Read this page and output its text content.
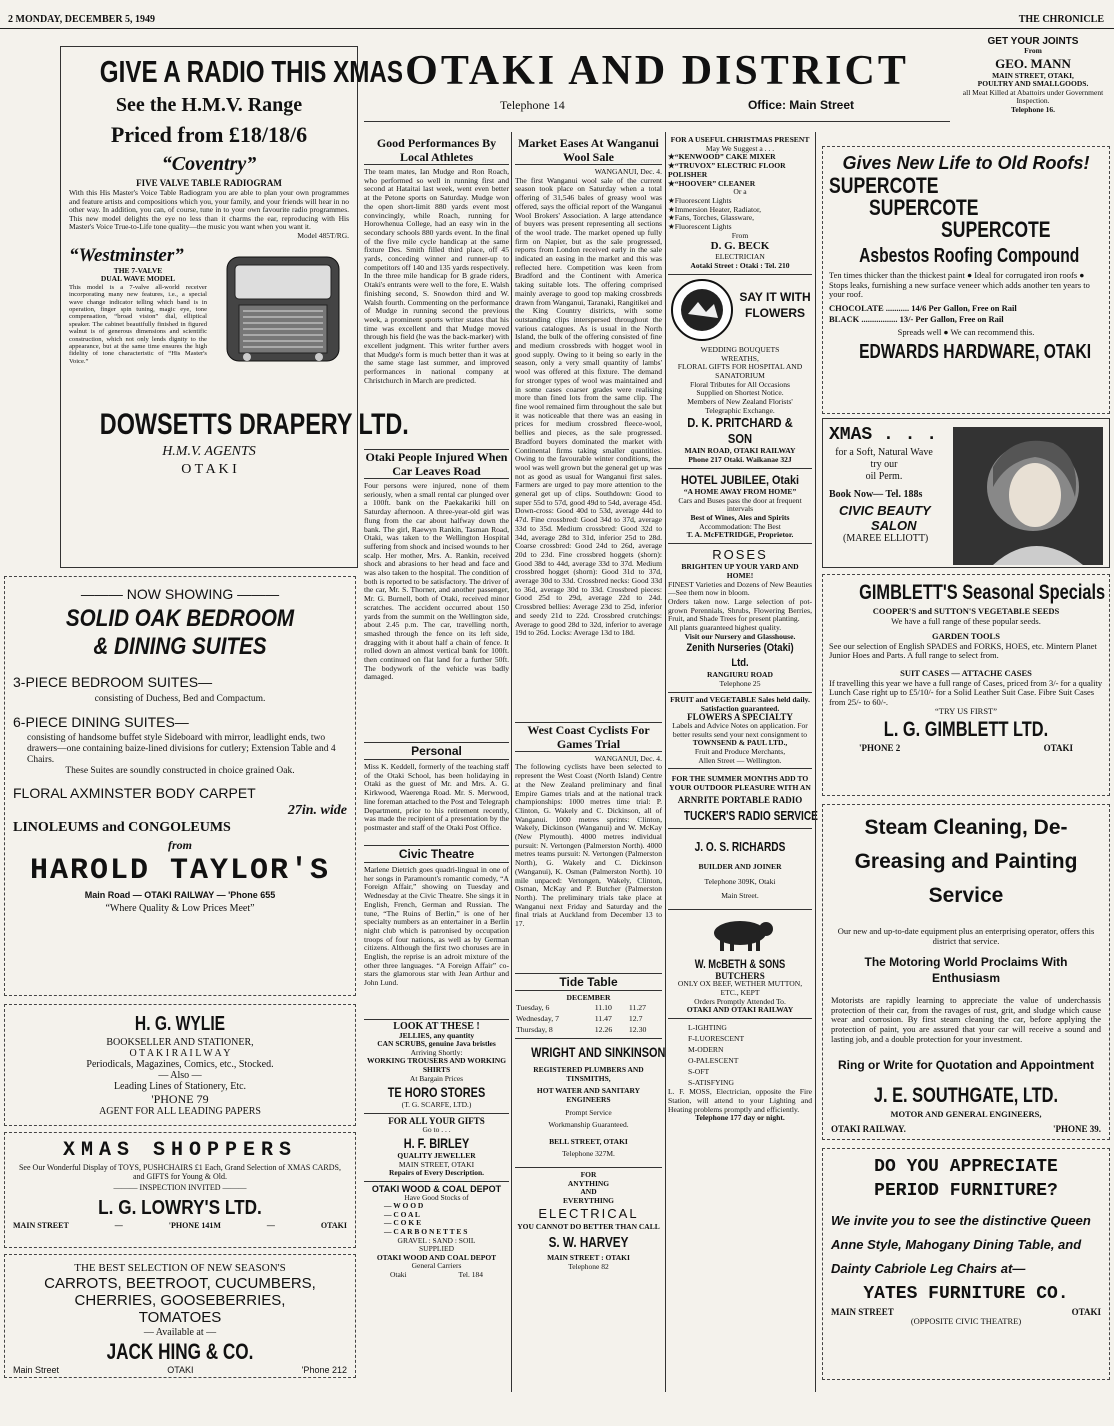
2 MONDAY, DECEMBER 5, 1949	THE CHRONICLE
GIVE A RADIO THIS XMAS
See the H.M.V. Range
Priced from £18/18/6
“Coventry”
FIVE VALVE TABLE RADIOGRAM
With this His Master's Voice Table Radiogram you are able to plan your own programmes and feature artists and compositions which you, your family, and your friends will hear in no other way. In addition, you can, of course, tune in to your own favourite radio programmes. This new model delights the eye no less than it charms the ear, reproducing with His Master's Voice True-to-Life tone quality—the music you want when you want it.
Model 485T/RG.
“Westminster”
THE 7-VALVE
DUAL WAVE MODEL
This model is a 7-valve all-world receiver incorporating many new features, i.e., a special wave change indicator telling which band is in operation, finger spin tuning, magic eye, tone compensation, “broad vision” dial, elliptical speaker. The cabinet beautifully finished in figured walnut is of generous dimensions and scientific construction, which not only lends dignity to the appearance, but at the same time ensures the high fidelity of tone characteristic of “His Master's Voice.”
DOWSETTS DRAPERY LTD.
H.M.V. AGENTS
O T A K I
——— NOW SHOWING ———
SOLID OAK BEDROOM
& DINING SUITES
3-PIECE BEDROOM SUITES—
consisting of Duchess, Bed and Compactum.
6-PIECE DINING SUITES—
consisting of handsome buffet style Sideboard with mirror, leadlight ends, two drawers—one containing baize-lined divisions for cutlery; Extension Table and 4 Chairs.
These Suites are soundly constructed in choice grained Oak.
FLORAL AXMINSTER BODY CARPET
27in. wide
LINOLEUMS and CONGOLEUMS
from
HAROLD TAYLOR'S
Main Road — OTAKI RAILWAY — 'Phone 655
“Where Quality & Low Prices Meet”
H. G. WYLIE
BOOKSELLER AND STATIONER,
O T A K I R A I L W A Y
Periodicals, Magazines, Comics, etc., Stocked.
— Also —
Leading Lines of Stationery, Etc.
'PHONE 79
AGENT FOR ALL LEADING PAPERS
XMAS SHOPPERS
See Our Wonderful Display of TOYS, PUSHCHAIRS £1 Each, Grand Selection of XMAS CARDS, and GIFTS for Young & Old.
——— INSPECTION INVITED ———
L. G. LOWRY'S LTD.
MAIN STREET	—	'PHONE 141M	—	OTAKI
THE BEST SELECTION OF NEW SEASON'S
CARROTS, BEETROOT, CUCUMBERS,
CHERRIES, GOOSEBERRIES,
TOMATOES
— Available at —
JACK HING & CO.
Main Street	OTAKI	'Phone 212
OTAKI AND DISTRICT
Telephone 14	Office: Main Street
GET YOUR JOINTS
From
GEO. MANN
MAIN STREET, OTAKI,
POULTRY AND SMALLGOODS.
all Meat Killed at Abattoirs under Government Inspection.
Telephone 16.
Good Performances By Local Athletes

The team mates, Ian Mudge and Ron Roach, who performed so well in running first and second at Hataitai last week, went even better at the Petone sports on Saturday. Mudge won the open short-limit 880 yards event most convincingly, while Roach, running for Horowhenua College, had an easy win in the secondary schools 880 yards event. In the final of the five mile cycle handicap at the same fixture Des. Smith filled third place, off 45 yards, conceding winner and runner-up to competitors off 140 and 135 yards respectively. In the three mile handicap for B grade riders, Otaki's entrants were well to the fore, E. Walsh finishing second, S. Snowdon third and W. Walsh fourth. Commenting on the performance of Mudge in running second the previous week, a prominent sports writer states that his time was excellent and that Mudge moved through his field (he was the back-marker) with excellent judgment. This writer further avers that Mudge's form is much better than it was at the same stage last summer, and improved performances in national company at Christchurch in March are predicted.

Otaki People Injured When Car Leaves Road

Four persons were injured, none of them seriously, when a small rental car plunged over a 100ft. bank on the Paekakariki hill on Saturday afternoon. A three-year-old girl was flung from the car about halfway down the bank. The girl, Raewyn Rankin, Tasman Road, Otaki, was taken to the Wellington Hospital suffering from shock and incised wounds to her scalp. Her mother, Mrs. A. Rankin, received shock and abrasions to her head and face and was also taken to the hospital. The condition of both is reported to be satisfactory. The driver of the car, Mr. S. Thorner, and another passenger, Mr. G. Burnell, both of Otaki, received minor scratches. The accident occurred about 150 yards from the summit on the Wellington side, about 2.45 p.m. The car, travelling north, smashed through the fence on its left side, dragging with it about half a chain of fence. It rolled down an almost vertical bank for 100ft. then continued on flat land for a further 50ft. The bodywork of the vehicle was badly damaged.

Personal

Miss K. Keddell, formerly of the teaching staff of the Otaki School, has been holidaying in Otaki as the guest of Mr. and Mrs. A. G. Kirkwood, Waerenga Road. Mr. S. Merwood, line foreman attached to the Post and Telegraph Department, prior to his retirement recently, was made the recipient of a presentation by the postmaster and staff of the Otaki Post Office.

Civic Theatre

Marlene Dietrich goes quadri-lingual in one of her songs in Paramount's romantic comedy, “A Foreign Affair,” showing on Tuesday and Wednesday at the Civic Theatre. She sings it in English, French, German and Russian. The tune, “The Ruins of Berlin,” is one of her specialty numbers as an entertainer in a Berlin night club which is patronised by occupation troops of four nations, as well as by German citizens. Although the first two choruses are in English, the reprise is an adroit mixture of the other three languages. “A Foreign Affair” co-stars the glamorous star with Jean Arthur and John Lund.

LOOK AT THESE !
JELLIES, any quantity
CAN SCRUBS, genuine Java bristles
Arriving Shortly:
WORKING TROUSERS AND WORKING SHIRTS
At Bargain Prices
TE HORO STORES
(T. G. SCARFE, LTD.)
FOR ALL YOUR GIFTS
Go to . . .
H. F. BIRLEY
QUALITY JEWELLER
MAIN STREET, OTAKI
Repairs of Every Description.
OTAKI WOOD & COAL DEPOT
Have Good Stocks of
— W O O D
— C O A L
— C O K E
— C A R B O N E T T E S
GRAVEL : SAND : SOIL
SUPPLIED
OTAKI WOOD AND COAL DEPOT
General Carriers
Otaki	Tel. 184
Market Eases At Wanganui Wool Sale
WANGANUI, Dec. 4.

The first Wanganui wool sale of the current season took place on Saturday when a total offering of 31,546 bales of greasy wool was offered, says the official report of the Wanganui Wool Brokers' Association. A large attendance of buyers was present representing all sections of the wool trade. The market opened up fully firm on Napier, but as the sale progressed, reports from London received early in the sale indicated an easing in the market and this was reflected here. Competition was keen from Bradford and the Continent with America taking suitable lots. The offering comprised mainly average to good top making crossbreds drawn from Wanganui, Taranaki, Rangitikei and the King Country districts, with some outstanding clips interspersed throughout the various catalogues. As is usual in the North Island, the bulk of the offering consisted of fine and medium crossbreds with hogget wool in good supply. Owing to it being so early in the season, only a very small quantity of lambs' wool was offered at this fixture. The demand for stronger types of wool was maintained and in some cases coarser grades were realising more than fined lots from the same clip. The fine wool remained firm throughout the sale but it was noticeable that there was an easing in prices for medium crossbred fleece-wool, bellies and pieces, as the sale progressed. Bradford buyers dominated the market with Continental firms taking smaller quantities. Owing to the favourable winter conditions, the wool was well grown but the general get up was not as good as usual for Wanganui first sales. Farmers are urged to pay more attention to the general get up of clips. Southdown: Good to super 55d to 57d, good 49d to 54d, average 45d. Down-cross: Good 40d to 53d, average 44d to 47d. Fine crossbred: Good 34d to 37d, average 33d to 35d. Medium crossbred: Good 32d to 34d, average 28d to 31d, inferior 25d to 28d. Coarse crossbred: Good 24d to 26d, average 20d to 23d. Fine crossbred hoggets (shorn): Good 38d to 44d, average 33d to 37d. Medium crossbred hogget (shorn): Good 31d to 37d, average 30d to 33d. Crossbred necks: Good 33d to 36d, average 30d to 33d. Crossbred pieces: Good 25d to 29d, average 22d to 24d. Crossbred bellies: Average 23d to 25d, inferior and seedy 21d to 22d. Crossbred crutchings: Average to good 28d to 32d, inferior to average 19d to 26d. Locks: Average 13d to 18d.

West Coast Cyclists For Games Trial
WANGANUI, Dec. 4.

The following cyclists have been selected to represent the West Coast (North Island) Centre at the New Zealand preliminary and final Empire Games trials and at the national track championships: 1000 metres time trial: P. Clinton, G. Wakely and C. Dickinson, all of Wanganui. 1000 metres sprints: Clinton, Wakely, Dickinson (Wanganui) and W. McKay (New Plymouth). 4000 metres individual pursuit: N. Vertongen (Palmerston North). 4000 metres teams pursuit: N. Vertongen (Palmerston North), G. Wakely and C. Dickinson (Wanganui), K. Osman (Palmerston North). 10 mile unpaced: Vertongen, Wakely, Clinton, Osman, McKay and P. Butcher (Palmerston North). The preliminary trials take place at Wanganui next Friday and Saturday and the final trials at Auckland from December 13 to 17.

Tide Table
DECEMBER
Tuesday, 6	11.10	11.27
Wednesday, 7	11.47	12.7
Thursday, 8	12.26	12.30
WRIGHT AND SINKINSON
REGISTERED PLUMBERS AND TINSMITHS,
HOT WATER AND SANITARY ENGINEERS
Prompt Service
Workmanship Guaranteed.
BELL STREET, OTAKI
Telephone 327M.
FOR
ANYTHING
AND
EVERYTHING
ELECTRICAL
YOU CANNOT DO BETTER THAN CALL
S. W. HARVEY
MAIN STREET : OTAKI
Telephone 82
FOR A USEFUL CHRISTMAS PRESENT
May We Suggest a . . .
★“KENWOOD” CAKE MIXER
★“TRUVOX” ELECTRIC FLOOR POLISHER
★“HOOVER” CLEANER
Or a
★Fluorescent Lights
★Immersion Heater, Radiator,
★Fans, Torches, Glassware,
★Fluorescent Lights
From
D. G. BECK
ELECTRICIAN
Aotaki Street : Otaki : Tel. 210
SAY IT WITH
FLOWERS
WEDDING BOUQUETS
WREATHS,
FLORAL GIFTS FOR HOSPITAL AND SANATORIUM
Floral Tributes for All Occasions
Supplied on Shortest Notice.
Members of New Zealand Florists'
Telegraphic Exchange.
D. K. PRITCHARD & SON
MAIN ROAD, OTAKI RAILWAY
Phone 217 Otaki. Waikanae 32J
HOTEL JUBILEE, Otaki
“A HOME AWAY FROM HOME”
Cars and Buses pass the door at frequent intervals
Best of Wines, Ales and Spirits
Accommodation: The Best
T. A. McFETRIDGE, Proprietor.
ROSES
BRIGHTEN UP YOUR YARD AND HOME!
FINEST Varieties and Dozens of New Beauties—See them now in bloom.
Orders taken now. Large selection of pot-grown Perennials, Shrubs, Flowering Berries, Fruit, and Shade Trees for present planting.
All plants guaranteed highest quality.
Visit our Nursery and Glasshouse.
Zenith Nurseries (Otaki) Ltd.
RANGIURU ROAD
Telephone 25
FRUIT and VEGETABLE Sales held daily. Satisfaction guaranteed.
FLOWERS A SPECIALTY
Labels and Advice Notes on application. For better results send your next consignment to
TOWNSEND & PAUL LTD.,
Fruit and Produce Merchants,
Allen Street — Wellington.
FOR THE SUMMER MONTHS ADD TO YOUR OUTDOOR PLEASURE WITH AN
ARNRITE PORTABLE RADIO
TUCKER'S RADIO SERVICE
J. O. S. RICHARDS
BUILDER AND JOINER
Telephone 309K, Otaki
Main Street.
W. McBETH & SONS
BUTCHERS
ONLY OX BEEF, WETHER MUTTON, ETC., KEPT
Orders Promptly Attended To.
OTAKI AND OTAKI RAILWAY
L-IGHTING
F-LUORESCENT
M-ODERN
O-PALESCENT
S-OFT
S-ATISFYING
L. F. MOSS, Electrician, opposite the Fire Station, will attend to your Lighting and Heating problems promptly and efficiently.
Telephone 177 day or night.
Gives New Life to Old Roofs!
SUPERCOTE
SUPERCOTE
SUPERCOTE
Asbestos Roofing Compound
Ten times thicker than the thickest paint ● Ideal for corrugated iron roofs ● Stops leaks, furnishing a new surface veneer which adds another ten years to your roof.
CHOCOLATE ........... 14/6 Per Gallon, Free on Rail
BLACK ................. 13/- Per Gallon, Free on Rail
Spreads well ● We can recommend this.
EDWARDS HARDWARE, OTAKI
XMAS . . .
for a Soft, Natural Wave try our
oil Perm.
Book Now— Tel. 188s
CIVIC BEAUTY
SALON
(MAREE ELLIOTT)
GIMBLETT'S Seasonal Specials
COOPER'S and SUTTON'S VEGETABLE SEEDS
We have a full range of these popular seeds.
GARDEN TOOLS
See our selection of English SPADES and FORKS, HOES, etc. Mintern Planet Junior Hoes and Parts. A full range to select from.
SUIT CASES — ATTACHE CASES
If travelling this year we have a full range of Cases, priced from 3/- for a quality Lunch Case right up to £5/10/- for a Solid Leather Suit Case. Fibre Suit Cases from 25/- to 60/-.
“TRY US FIRST”
L. G. GIMBLETT LTD.
'PHONE 2	OTAKI
Steam Cleaning, De-Greasing and Painting Service
Our new and up-to-date equipment plus an enterprising operator, offers this district that service.
The Motoring World Proclaims With Enthusiasm
Motorists are rapidly learning to appreciate the value of underchassis protection of their car, from the ravages of rust, grit, and sludge which cause wear and corrosion. By first steam cleaning the car, before applying the protection of paint, you are assured that your car will receive a sound and lasting job, and a double protection for your investment.
Ring or Write for Quotation and Appointment
J. E. SOUTHGATE, LTD.
MOTOR AND GENERAL ENGINEERS,
OTAKI RAILWAY.	'PHONE 39.
DO YOU APPRECIATE
PERIOD FURNITURE?
We invite you to see the distinctive Queen Anne Style, Mahogany Dining Table, and Dainty Cabriole Leg Chairs at—
YATES FURNITURE CO.
MAIN STREET	OTAKI
(OPPOSITE CIVIC THEATRE)
